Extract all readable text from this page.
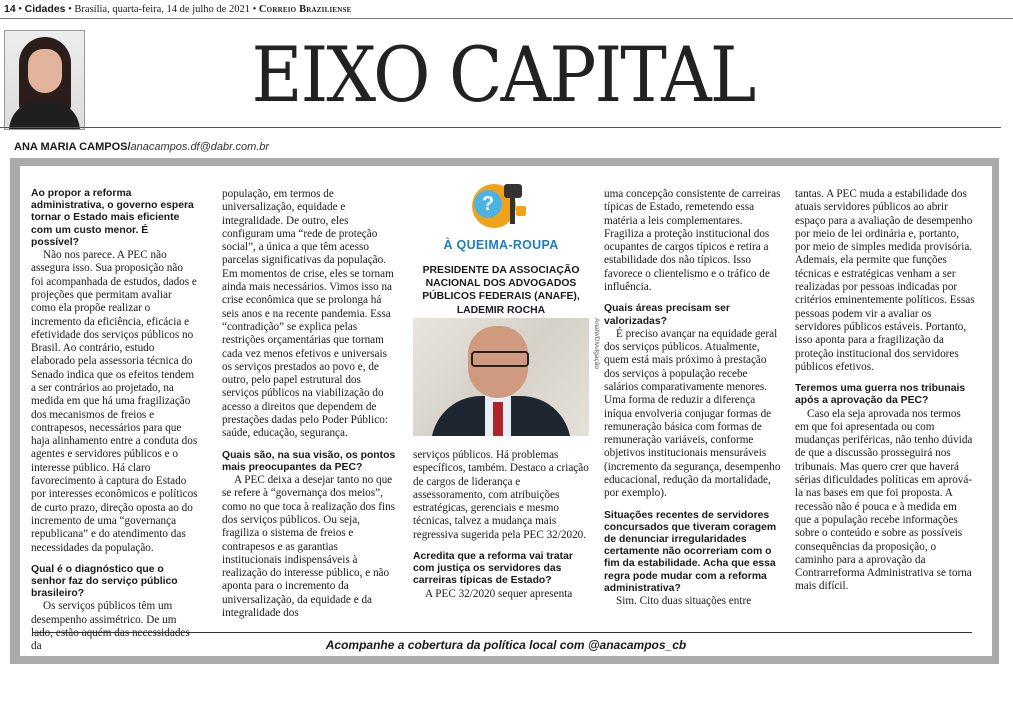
14 • Cidades • Brasília, quarta-feira, 14 de julho de 2021 • Correio Braziliense
EIXO CAPITAL
ANA MARIA CAMPOS/anacampos.df@dabr.com.br

Ao propor a reforma administrativa, o governo espera tornar o Estado mais eficiente com um custo menor. É possível?

Não nos parece. A PEC não assegura isso. Sua proposição não foi acompanhada de estudos, dados e projeções que permitam avaliar como ela propõe realizar o incremento da eficiência, eficácia e efetividade dos serviços públicos no Brasil. Ao contrário, estudo elaborado pela assessoria técnica do Senado indica que os efeitos tendem a ser contrários ao projetado, na medida em que há uma fragilização dos mecanismos de freios e contrapesos, necessários para que haja alinhamento entre a conduta dos agentes e servidores públicos e o interesse público. Há claro favorecimento à captura do Estado por interesses econômicos e políticos de curto prazo, direção oposta ao do incremento de uma “governança republicana” e do atendimento das necessidades da população.

Qual é o diagnóstico que o senhor faz do serviço público brasileiro?

Os serviços públicos têm um desempenho assimétrico. De um lado, estão aquém das necessidades da

população, em termos de universalização, equidade e integralidade. De outro, eles configuram uma “rede de proteção social”, a única a que têm acesso parcelas significativas da população. Em momentos de crise, eles se tornam ainda mais necessários. Vimos isso na crise econômica que se prolonga há seis anos e na recente pandemia. Essa “contradição” se explica pelas restrições orçamentárias que tornam cada vez menos efetivos e universais os serviços prestados ao povo e, de outro, pelo papel estrutural dos serviços públicos na viabilização do acesso a direitos que dependem de prestações dadas pelo Poder Público: saúde, educação, segurança.

Quais são, na sua visão, os pontos mais preocupantes da PEC?

A PEC deixa a desejar tanto no que se refere à “governança dos meios”, como no que toca à realização dos fins dos serviços públicos. Ou seja, fragiliza o sistema de freios e contrapesos e as garantias institucionais indispensáveis à realização do interesse público, e não aponta para o incremento da universalização, da equidade e da integralidade dos

?
À QUEIMA-ROUPA
PRESIDENTE DA ASSOCIAÇÃO NACIONAL DOS ADVOGADOS PÚBLICOS FEDERAIS (ANAFE), LADEMIR ROCHA
Anafe/Divulgação

serviços públicos. Há problemas específicos, também. Destaco a criação de cargos de liderança e assessoramento, com atribuições estratégicas, gerenciais e mesmo técnicas, talvez a mudança mais regressiva sugerida pela PEC 32/2020.

Acredita que a reforma vai tratar com justiça os servidores das carreiras típicas de Estado?

A PEC 32/2020 sequer apresenta

uma concepção consistente de carreiras típicas de Estado, remetendo essa matéria a leis complementares. Fragiliza a proteção institucional dos ocupantes de cargos típicos e retira a estabilidade dos não típicos. Isso favorece o clientelismo e o tráfico de influência.

Quais áreas precisam ser valorizadas?

É preciso avançar na equidade geral dos serviços públicos. Atualmente, quem está mais próximo à prestação dos serviços à população recebe salários comparativamente menores. Uma forma de reduzir a diferença iníqua envolveria conjugar formas de remuneração básica com formas de remuneração variáveis, conforme objetivos institucionais mensuráveis (incremento da segurança, desempenho educacional, redução da mortalidade, por exemplo).

Situações recentes de servidores concursados que tiveram coragem de denunciar irregularidades certamente não ocorreriam com o fim da estabilidade. Acha que essa regra pode mudar com a reforma administrativa?

Sim. Cito duas situações entre

tantas. A PEC muda a estabilidade dos atuais servidores públicos ao abrir espaço para a avaliação de desempenho por meio de lei ordinária e, portanto, por meio de simples medida provisória. Ademais, ela permite que funções técnicas e estratégicas venham a ser realizadas por pessoas indicadas por critérios eminentemente políticos. Essas pessoas podem vir a avaliar os servidores públicos estáveis. Portanto, isso aponta para a fragilização da proteção institucional dos servidores públicos efetivos.

Teremos uma guerra nos tribunais após a aprovação da PEC?

Caso ela seja aprovada nos termos em que foi apresentada ou com mudanças periféricas, não tenho dúvida de que a discussão prosseguirá nos tribunais. Mas quero crer que haverá sérias dificuldades políticas em aprová-la nas bases em que foi proposta. A recessão não é pouca e à medida em que a população recebe informações sobre o conteúdo e sobre as possíveis consequências da proposição, o caminho para a aprovação da Contrarreforma Administrativa se torna mais difícil.

Acompanhe a cobertura da política local com @anacampos_cb
